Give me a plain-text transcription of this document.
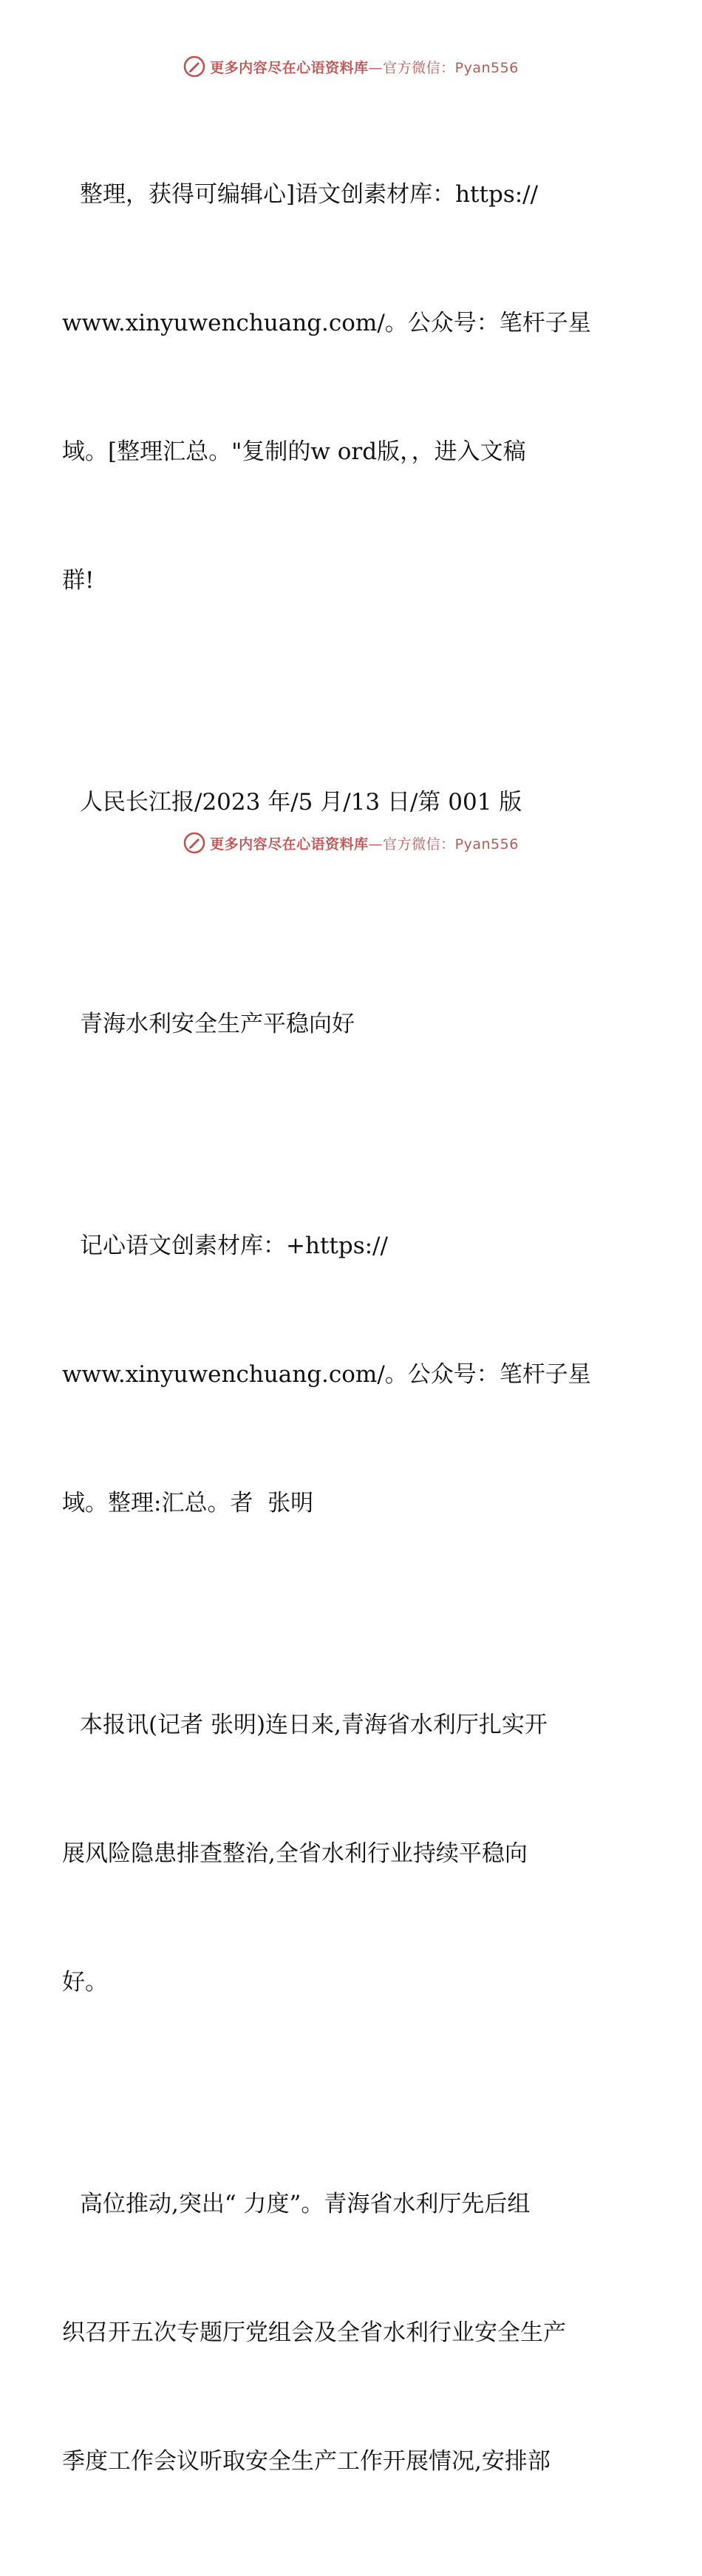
更多内容尽在心语资料库—官方微信：Pyan556

整理，获得可编辑心]语文创素材库：https://

www.xinyuwenchuang.com/。公众号：笔杆子星

域。[整理汇总。"复制的w ord版，，进入文稿

群!

人民长江报/2023 年/5 月/13 日/第 001 版

青海水利安全生产平稳向好

记心语文创素材库：+https://

www.xinyuwenchuang.com/。公众号：笔杆子星

域。整理:汇总。者  张明

本报讯(记者 张明)连日来,青海省水利厅扎实开

展风险隐患排查整治,全省水利行业持续平稳向

好。

高位推动,突出“ 力度”。青海省水利厅先后组

织召开五次专题厅党组会及全省水利行业安全生产

季度工作会议听取安全生产工作开展情况,安排部

更多内容尽在心语资料库—官方微信：Pyan556
